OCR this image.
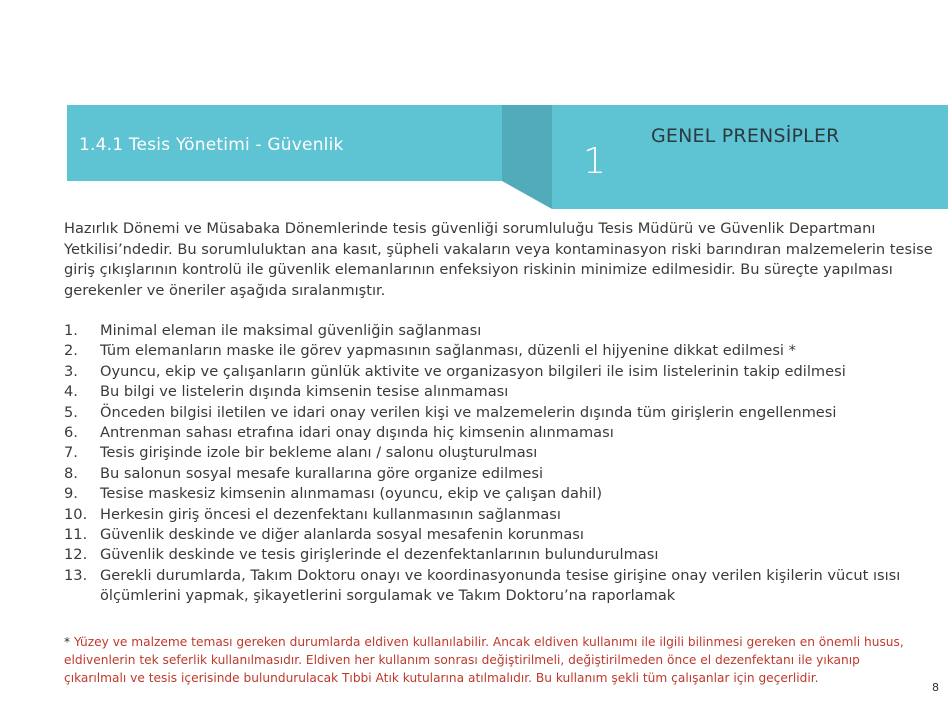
1.4.1 Tesis Yönetimi - Güvenlik	1
GENEL PRENSİPLER

Hazırlık Dönemi ve Müsabaka Dönemlerinde tesis güvenliği sorumluluğu Tesis Müdürü ve Güvenlik Departmanı Yetkilisi’ndedir. Bu sorumluluktan ana kasıt, şüpheli vakaların veya kontaminasyon riski barındıran malzemelerin tesise giriş çıkışlarının kontrolü ile güvenlik elemanlarının enfeksiyon riskinin minimize edilmesidir. Bu süreçte yapılması gerekenler ve öneriler aşağıda sıralanmıştır.

1.	Minimal eleman ile maksimal güvenliğin sağlanması
2.	Tüm elemanların maske ile görev yapmasının sağlanması, düzenli el hijyenine dikkat edilmesi *
3.	Oyuncu, ekip ve çalışanların günlük aktivite ve organizasyon bilgileri ile isim listelerinin takip edilmesi
4.	Bu bilgi ve listelerin dışında kimsenin tesise alınmaması
5.	Önceden bilgisi iletilen ve idari onay verilen kişi ve malzemelerin dışında tüm girişlerin engellenmesi
6.	Antrenman sahası etrafına idari onay dışında hiç kimsenin alınmaması
7.	Tesis girişinde izole bir bekleme alanı / salonu oluşturulması
8.	Bu salonun sosyal mesafe kurallarına göre organize edilmesi
9.	Tesise maskesiz kimsenin alınmaması (oyuncu, ekip ve çalışan dahil)
10. Herkesin giriş öncesi el dezenfektanı kullanmasının sağlanması
11. Güvenlik deskinde ve diğer alanlarda sosyal mesafenin korunması
12. Güvenlik deskinde ve tesis girişlerinde el dezenfektanlarının bulundurulması
13. Gerekli durumlarda, Takım Doktoru onayı ve koordinasyonunda tesise girişine onay verilen kişilerin vücut ısısı ölçümlerini yapmak, şikayetlerini sorgulamak ve Takım Doktoru’na raporlamak
* Yüzey ve malzeme teması gereken durumlarda eldiven kullanılabilir. Ancak eldiven kullanımı ile ilgili bilinmesi gereken en önemli husus, eldivenlerin tek seferlik kullanılmasıdır. Eldiven her kullanım sonrası değiştirilmeli, değiştirilmeden önce el dezenfektanı ile yıkanıp çıkarılmalı ve tesis içerisinde bulundurulacak Tıbbi Atık kutularına atılmalıdır. Bu kullanım şekli tüm çalışanlar için geçerlidir.
8
